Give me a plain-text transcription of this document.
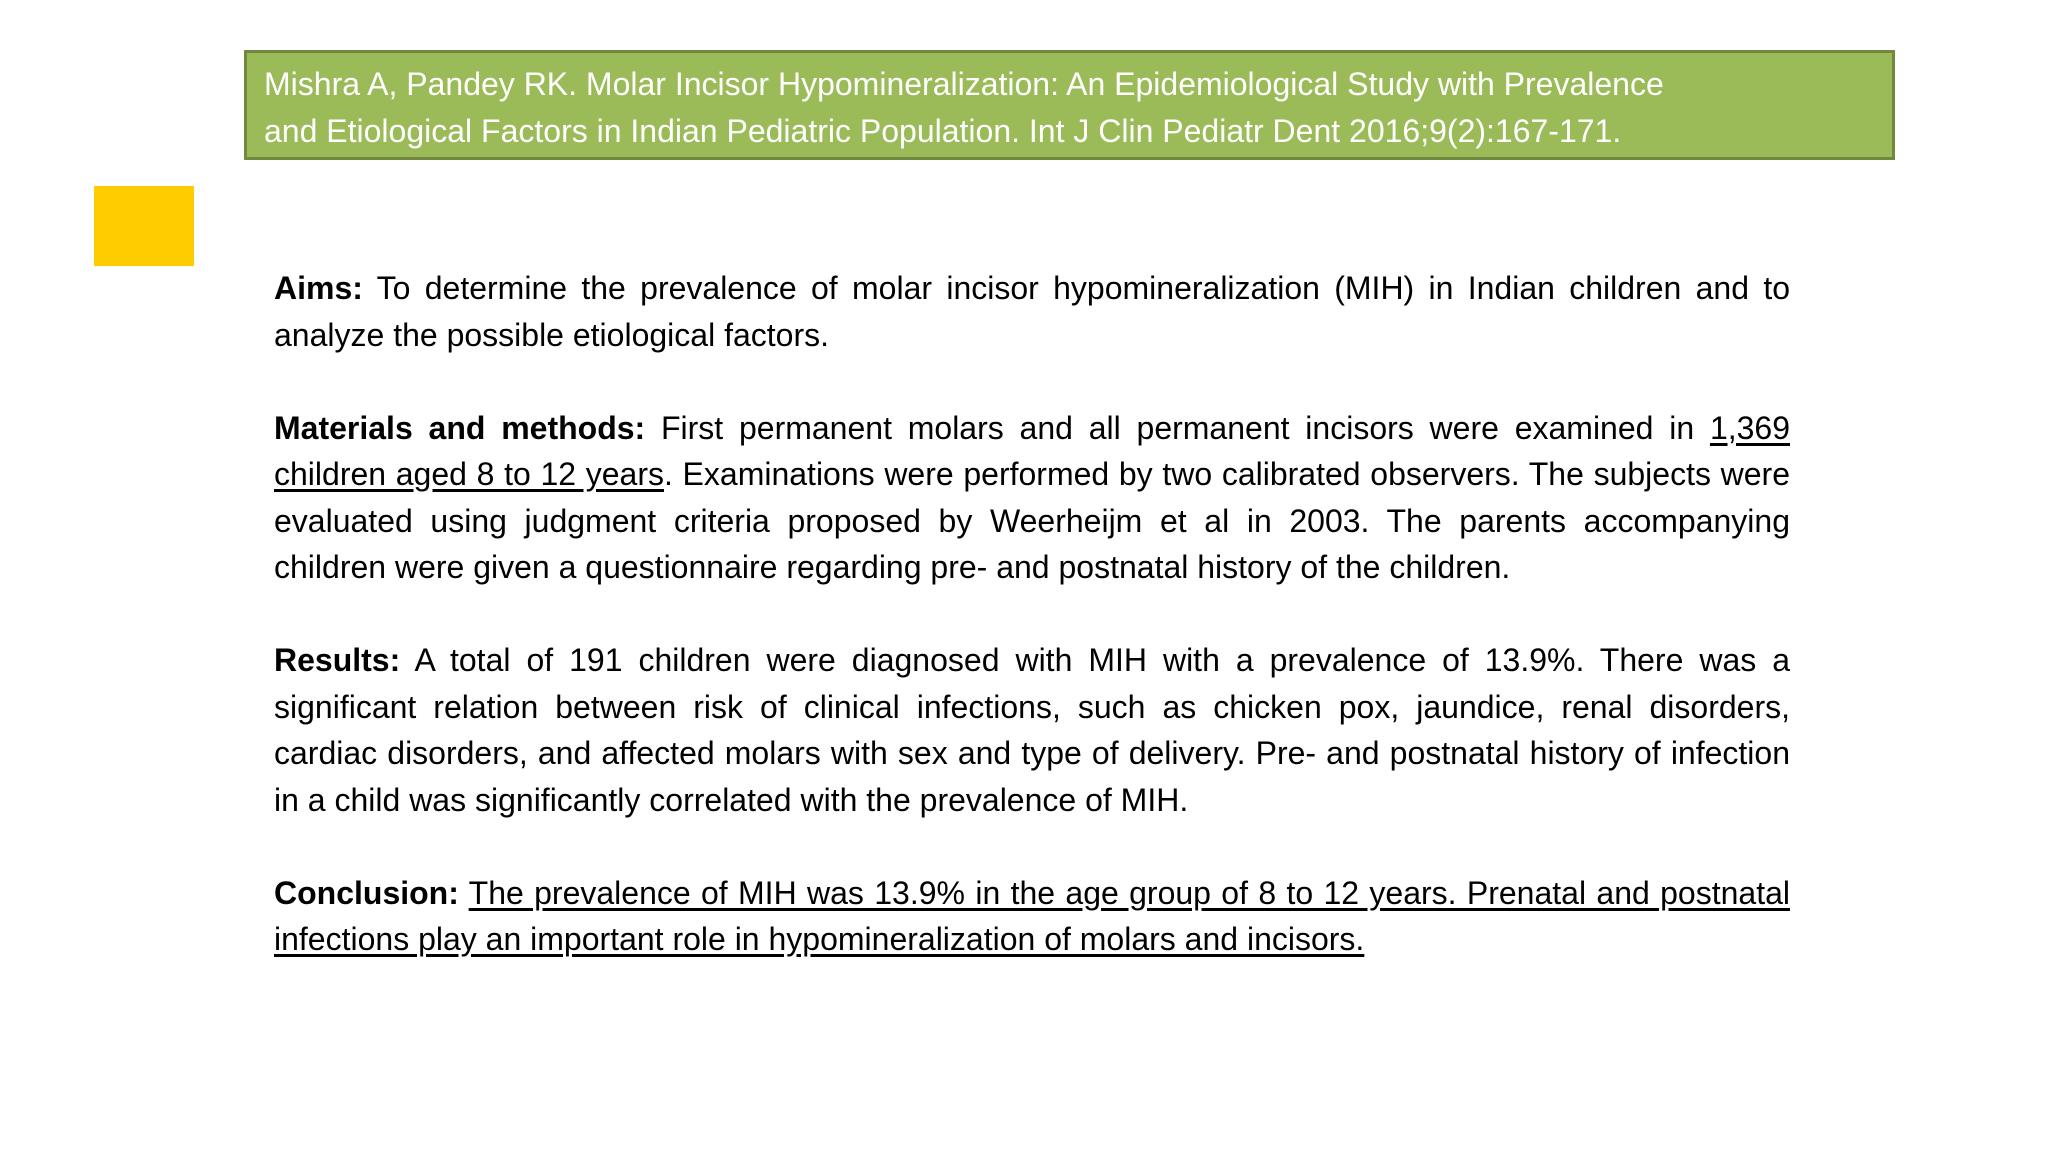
Mishra A, Pandey RK. Molar Incisor Hypomineralization: An Epidemiological Study with Prevalence
and Etiological Factors in Indian Pediatric Population. Int J Clin Pediatr Dent 2016;9(2):167-171.

Aims: To determine the prevalence of molar incisor hypomineralization (MIH) in Indian children and to analyze the possible etiological factors.

Materials and methods: First permanent molars and all permanent incisors were examined in 1,369 children aged 8 to 12 years. Examinations were performed by two calibrated observers. The subjects were evaluated using judgment criteria proposed by Weerheijm et al in 2003. The parents accompanying children were given a questionnaire regarding pre- and postnatal history of the children.

Results: A total of 191 children were diagnosed with MIH with a prevalence of 13.9%. There was a significant relation between risk of clinical infections, such as chicken pox, jaundice, renal disorders, cardiac disorders, and affected molars with sex and type of delivery. Pre- and postnatal history of infection in a child was significantly correlated with the prevalence of MIH.

Conclusion: The prevalence of MIH was 13.9% in the age group of 8 to 12 years. Prenatal and postnatal infections play an important role in hypomineralization of molars and incisors.
